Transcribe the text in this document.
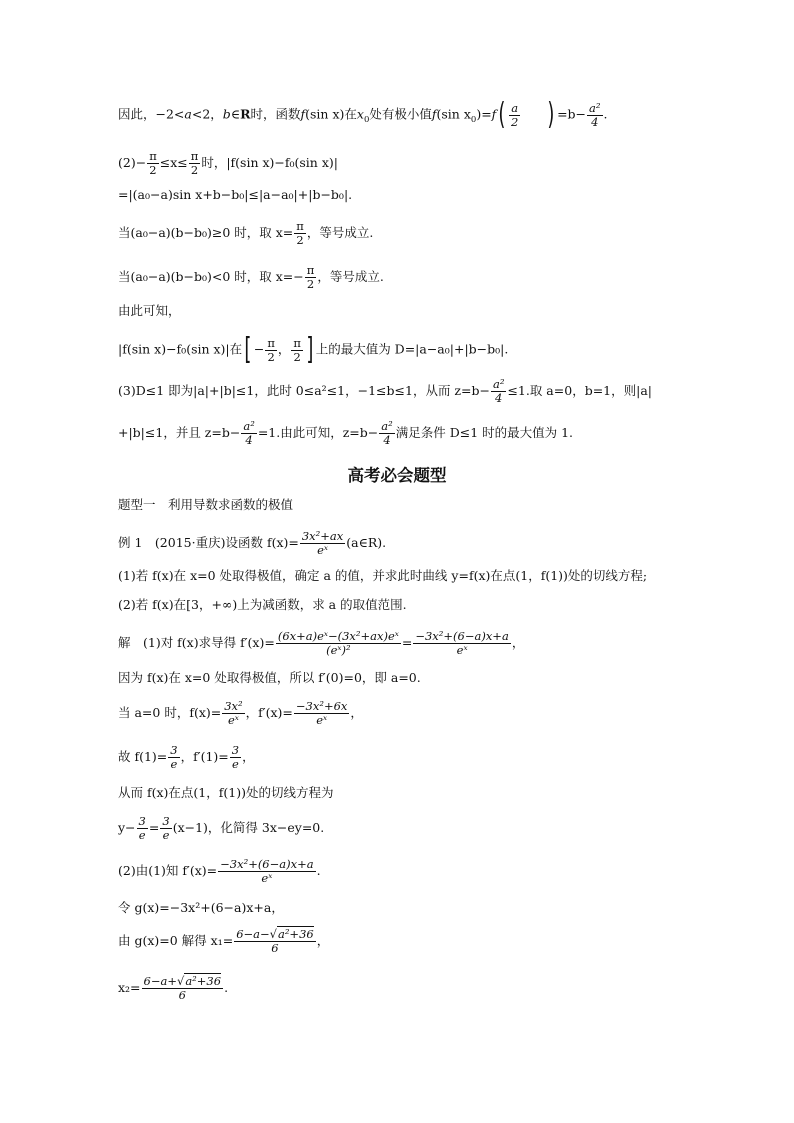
因此，−2<a<2，b∈R时，函数f(sin x)在$x_0$处有极小值f(sin $x_0)=f( \frac{a}{2}$ ) $=b- \frac{\text{a²}}{4}$ .
$(2)- \frac{\pi}{2} \le x\le \frac{\pi}{2}$ 时，|f(sin x)−f₀(sin x)|
=|(a₀−a)sin x+b−b₀|≤|a−a₀|+|b−b₀|.
当(a₀−a)(b−b₀)≥0 时，取 $x= \frac{\pi}{2}$ ，等号成立.
当(a₀−a)(b−b₀)<0 时，取 $x=- \frac{\pi}{2}$ ，等号成立.
由此可知，
|f(sin x)−f₀(sin x)|在[ − $\frac{\pi}{2}$ ， $\frac{\pi}{2}$ ] 上的最大值为 D=|a−a₀|+|b−b₀|.
(3)D≤1 即为|a|+|b|≤1，此时 0≤a²≤1，−1≤b≤1，从而 $z=b- \frac{\text{a²}}{4} \le 1$.取 a=0，b=1，则|a|
+|b|≤1，并且 $z=b- \frac{\text{a²}}{4} =1$.由此可知，$z=b- \frac{\text{a²}}{4}$ 满足条件 D≤1 时的最大值为 1.
高考必会题型
题型一　利用导数求函数的极值
例 1　(2015·重庆)设函数 $f(x)= \frac{\text{3x²+ax}}{\text{eˣ}}$ (a∈R).
(1)若 f(x)在 x=0 处取得极值，确定 a 的值，并求此时曲线 y=f(x)在点(1，f(1))处的切线方程;
(2)若 f(x)在[3，+∞)上为减函数，求 a 的取值范围.
解　(1)对 f(x)求导得 $f'(x)= \frac{\text{(6x+a)eˣ−(3x²+ax)eˣ}}{\text{(eˣ)²}} = \frac{\text{−3x²+(6−a)x+a}}{\text{eˣ}}$ ，
因为 f(x)在 x=0 处取得极值，所以 f′(0)=0，即 a=0.
当 a=0 时，$f(x)= \frac{\text{3x²}}{\text{eˣ}}$ ，$f'(x)= \frac{\text{−3x²+6x}}{\text{eˣ}}$ ，
故 $f(1)= \frac{3}{e}$ ，$f'(1)= \frac{3}{e}$ ，
从而 f(x)在点(1，f(1))处的切线方程为
$y- \frac{3}{e} = \frac{3}{e} (x-1)$，化简得 3x−ey=0.
(2)由(1)知 $f'(x)= \frac{\text{−3x²+(6−a)x+a}}{\text{eˣ}}$ .
令 g(x)=−3x²+(6−a)x+a，
由 g(x)=0 解得 $x_1= \frac{\text{6−a−√a²+36}}{6}$ ，
$x_2= \frac{\text{6−a+√a²+36}}{6}$ .
